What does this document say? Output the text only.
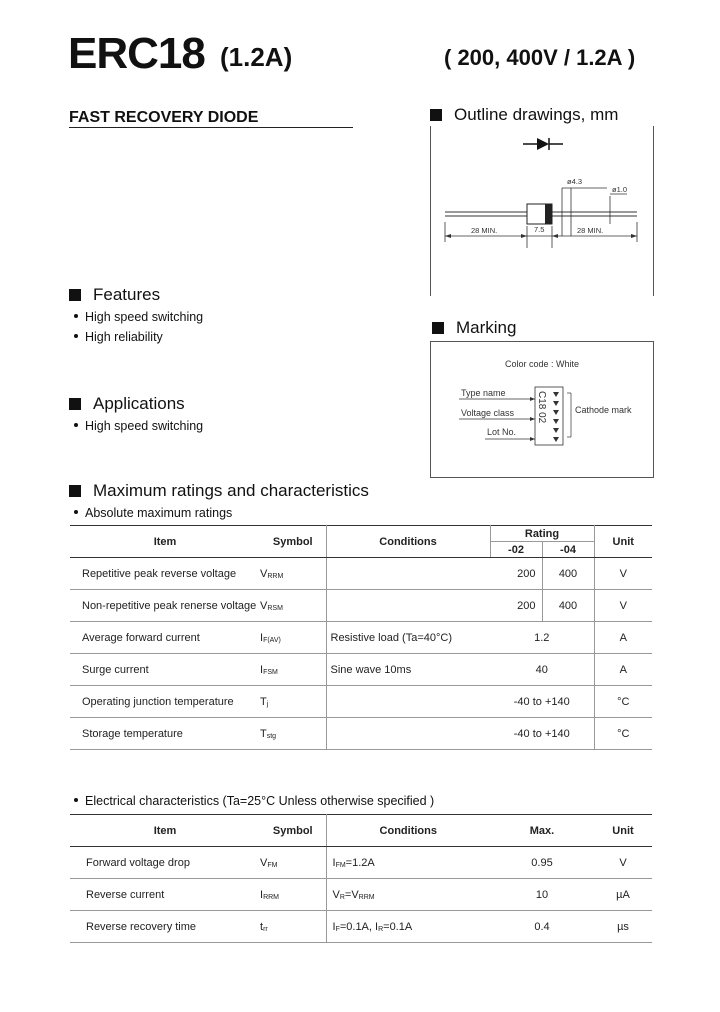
ERC18 (1.2A)	( 200, 400V / 1.2A )
FAST RECOVERY DIODE	Outline drawings, mm
ø4.3
ø1.0
28 MIN.	7.5	28 MIN.
Features
High speed switching
High reliability	Marking
Color code : White
C18 02
Type name
Voltage class
Lot No.
Cathode mark
Applications
High speed switching
Maximum ratings and characteristics
Absolute maximum ratings
Item	Symbol	Conditions	Rating		Unit
			-02	-04	
Repetitive peak reverse voltage	VRRM		200	400	V
Non-repetitive peak renerse voltage	VRSM		200	400	V
Average forward current	IF(AV)	Resistive load (Ta=40°C)	1.2		A
Surge current	IFSM	Sine wave 10ms	40		A
Operating junction temperature	Tj		-40 to +140		°C
Storage temperature	Tstg		-40 to +140		°C
Electrical characteristics (Ta=25°C Unless otherwise specified )
Item	Symbol	Conditions	Max.	Unit
Forward voltage drop	VFM	IFM=1.2A	0.95	V
Reverse current	IRRM	VR=VRRM	10	µA
Reverse recovery time	trr	IF=0.1A, IR=0.1A	0.4	µs
